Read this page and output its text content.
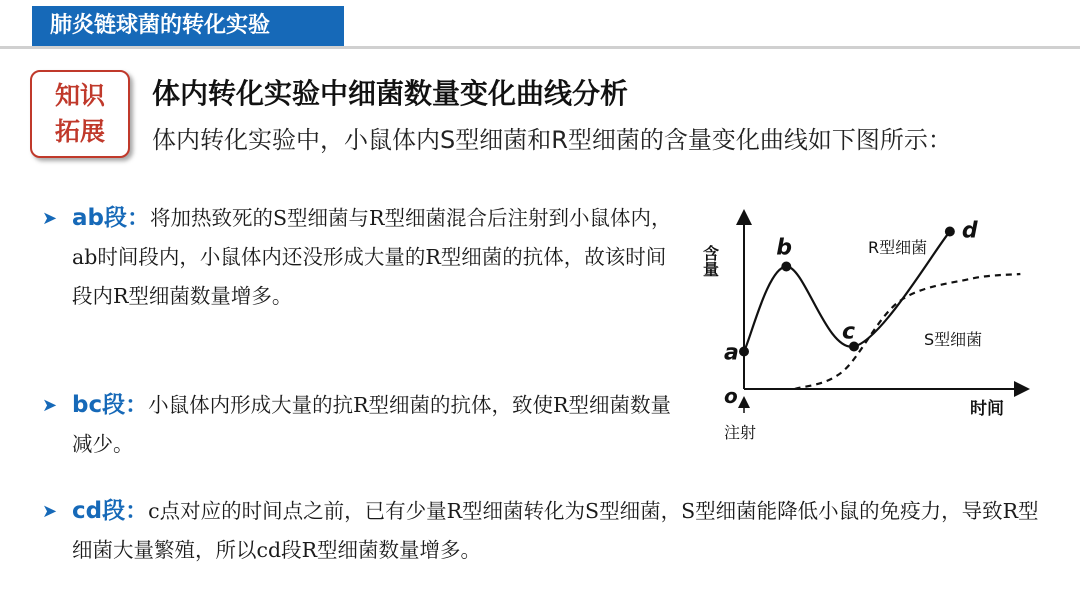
肺炎链球菌的转化实验
知识
拓展
体内转化实验中细菌数量变化曲线分析
体内转化实验中，小鼠体内S型细菌和R型细菌的含量变化曲线如下图所示：
➤ ab段：将加热致死的S型细菌与R型细菌混合后注射到小鼠体内，ab时间段内，小鼠体内还没形成大量的R型细菌的抗体，故该时间段内R型细菌数量增多。
➤ bc段：小鼠体内形成大量的抗R型细菌的抗体，致使R型细菌数量减少。
➤ cd段：c点对应的时间点之前，已有少量R型细菌转化为S型细菌，S型细菌能降低小鼠的免疫力，导致R型细菌大量繁殖，所以cd段R型细菌数量增多。
含量
时间
o
注射
a
b
c
d
R型细菌
S型细菌
